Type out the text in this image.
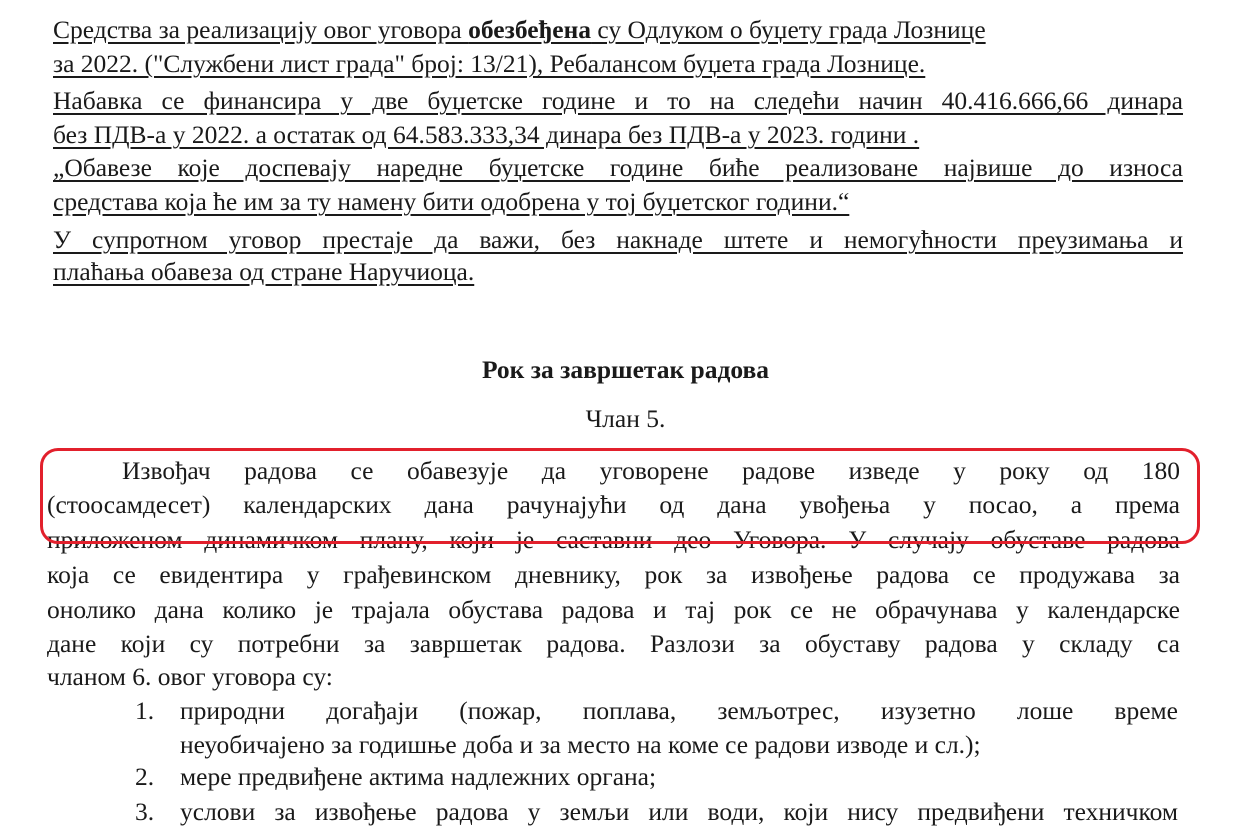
Средства за реализацију овог уговора обезбеђена су Одлуком о буџету града Лознице
за 2022. ("Службени лист града" број: 13/21), Ребалансом буџета града Лознице.
Набавка се финансира у две буџетске године и то на следећи начин 40.416.666,66 динара
без ПДВ-а у 2022. а остатак од 64.583.333,34 динара без ПДВ-а у 2023. години .
„Обавезе које доспевају наредне буџетске године биће реализоване највише до износа
средстава која ће им за ту намену бити одобрена у тој буџетског години.“
У супротном уговор престаје да важи, без накнаде штете и немогућности преузимања и
плаћања обавеза од стране Наручиоца.
Рок за завршетак радова
Члан 5.
Извођач радова се обавезује да уговорене радове изведе у року од 180
(стоосамдесет) календарских дана рачунајући од дана увођења у посао, а према
приложеном динамичком плану, који је саставни део Уговора. У случају обуставе радова
која се евидентира у грађевинском дневнику, рок за извођење радова се продужава за
онолико дана колико је трајала обустава радова и тај рок се не обрачунава у календарске
дане који су потребни за завршетак радова. Разлози за обуставу радова у складу са
чланом 6. овог уговора су:
1. природни догађаји (пожар, поплава, земљотрес, изузетно лоше време
неуобичајено за годишње доба и за место на коме се радови изводе и сл.);
2. мере предвиђене актима надлежних органа;
3. услови за извођење радова у земљи или води, који нису предвиђени техничком
